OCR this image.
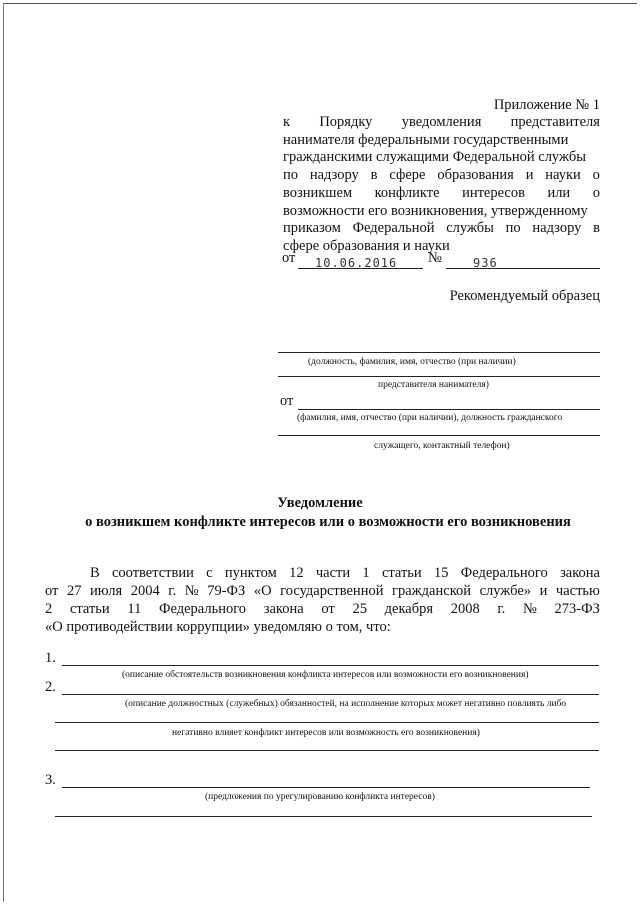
Приложение № 1
к Порядку уведомления представителя
нанимателя федеральными государственными
гражданскими служащими Федеральной службы
по надзору в сфере образования и науки о
возникшем конфликте интересов или о
возможности его возникновения, утвержденному
приказом Федеральной службы по надзору в
сфере образования и науки
от 10.06.2016 №	936
Рекомендуемый образец
(должность, фамилия, имя, отчество (при наличии)
представителя нанимателя)
от
(фамилия, имя, отчество (при наличии), должность гражданского
служащего, контактный телефон)
Уведомление
о возникшем конфликте интересов или о возможности его возникновения
В соответствии с пунктом 12 части 1 статьи 15 Федерального закона
от 27 июля 2004 г. № 79-ФЗ «О государственной гражданской службе» и частью
2 статьи 11 Федерального закона от 25 декабря 2008 г. № 273-ФЗ
«О противодействии коррупции» уведомляю о том, что:
1.
(описание обстоятельств возникновения конфликта интересов или возможности его возникновения)
2.
(описание должностных (служебных) обязанностей, на исполнение которых может негативно повлиять либо
негативно влияет конфликт интересов или возможность его возникновения)
3.
(предложения по урегулированию конфликта интересов)
